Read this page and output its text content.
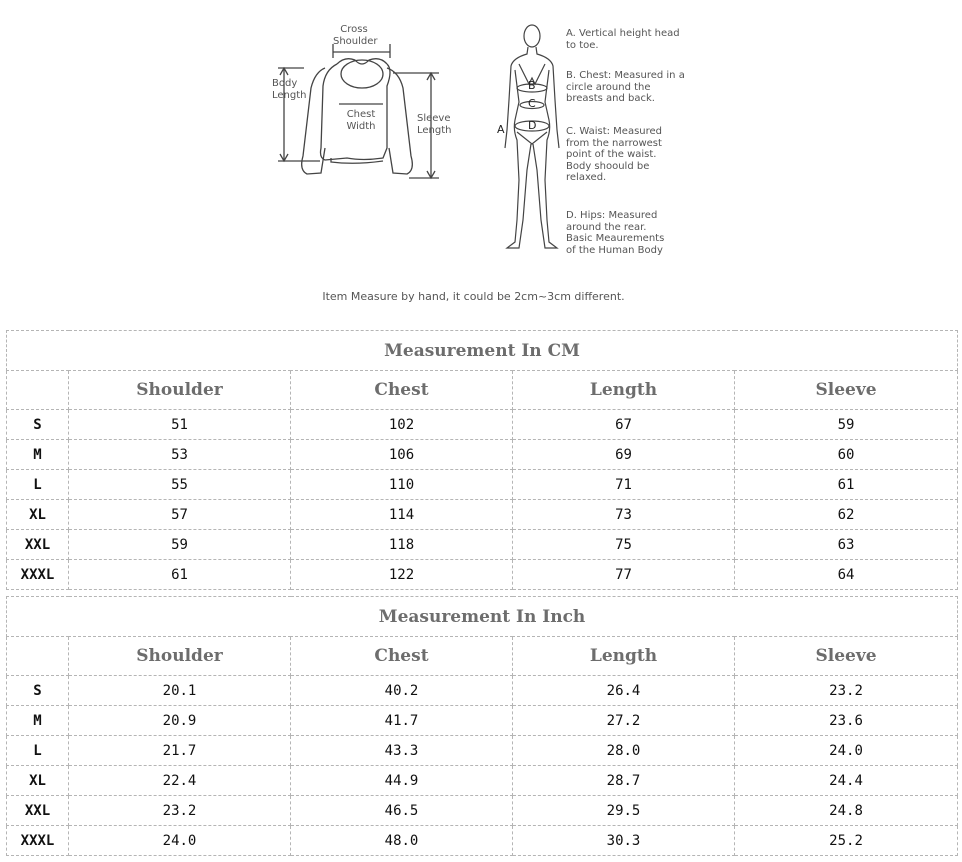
Cross
Shoulder
Body
Length
Chest
Width
Sleeve
Length
B
C
A D
A. Vertical height head
to toe.
B. Chest: Measured in a
circle around the
breasts and back.
C. Waist: Measured
from the narrowest
point of the waist.
Body shoould be
relaxed.
D. Hips: Measured
around the rear.
Basic Meaurements
of the Human Body
Item Measure by hand, it could be 2cm~3cm different.
Measurement In CM				
	Shoulder	Chest	Length	Sleeve
S	51	102	67	59
M	53	106	69	60
L	55	110	71	61
XL	57	114	73	62
XXL	59	118	75	63
XXXL	61	122	77	64
Measurement In Inch				
	Shoulder	Chest	Length	Sleeve
S	20.1	40.2	26.4	23.2
M	20.9	41.7	27.2	23.6
L	21.7	43.3	28.0	24.0
XL	22.4	44.9	28.7	24.4
XXL	23.2	46.5	29.5	24.8
XXXL	24.0	48.0	30.3	25.2
